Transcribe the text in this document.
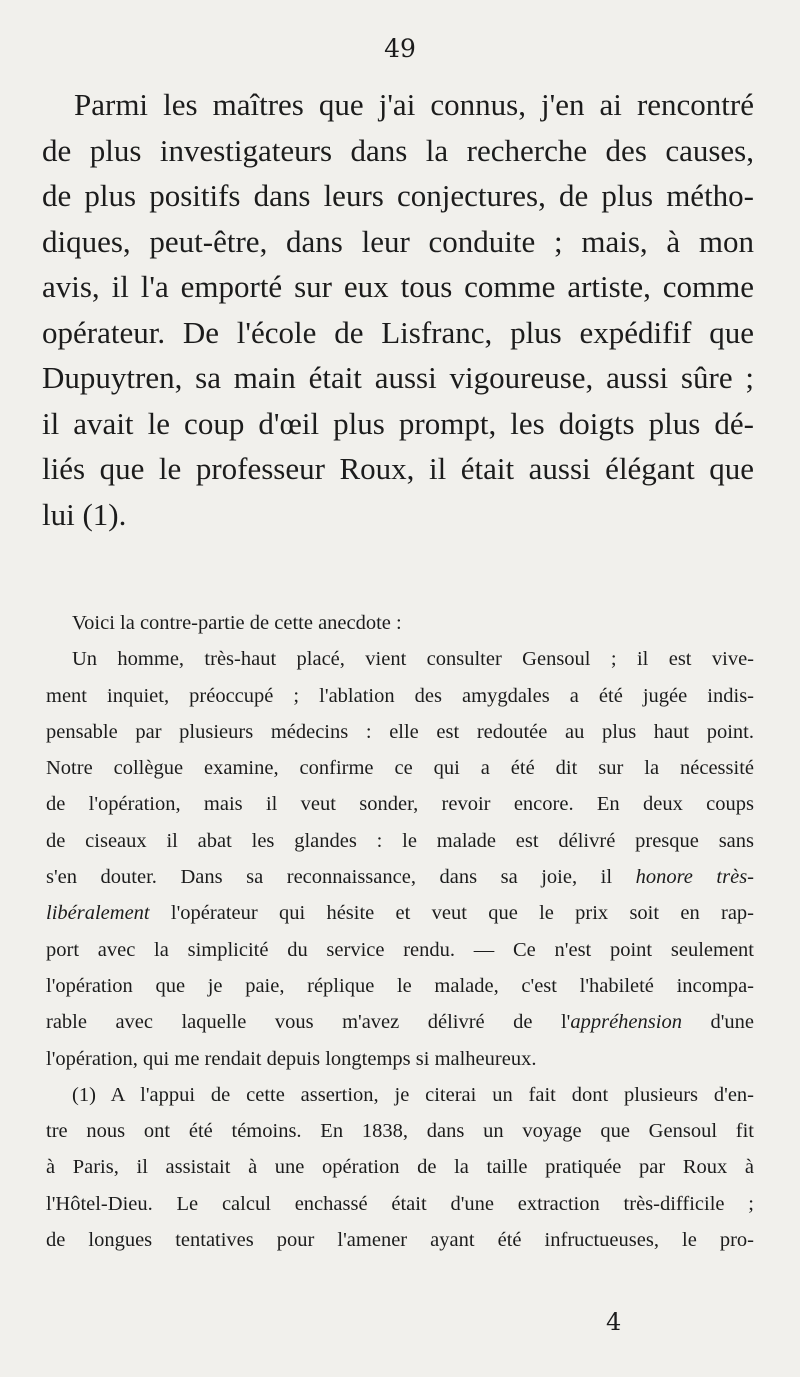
49
Parmi les maîtres que j'ai connus, j'en ai rencontré
de plus investigateurs dans la recherche des causes,
de plus positifs dans leurs conjectures, de plus métho-
diques, peut-être, dans leur conduite ; mais, à mon
avis, il l'a emporté sur eux tous comme artiste, comme
opérateur. De l'école de Lisfranc, plus expédifif que
Dupuytren, sa main était aussi vigoureuse, aussi sûre ;
il avait le coup d'œil plus prompt, les doigts plus dé-
liés que le professeur Roux, il était aussi élégant que
lui (1).
Voici la contre-partie de cette anecdote :
Un homme, très-haut placé, vient consulter Gensoul ; il est vive-
ment inquiet, préoccupé ; l'ablation des amygdales a été jugée indis-
pensable par plusieurs médecins : elle est redoutée au plus haut point.
Notre collègue examine, confirme ce qui a été dit sur la nécessité
de l'opération, mais il veut sonder, revoir encore. En deux coups
de ciseaux il abat les glandes : le malade est délivré presque sans
s'en douter. Dans sa reconnaissance, dans sa joie, il honore très-
libéralement l'opérateur qui hésite et veut que le prix soit en rap-
port avec la simplicité du service rendu. — Ce n'est point seulement
l'opération que je paie, réplique le malade, c'est l'habileté incompa-
rable avec laquelle vous m'avez délivré de l'appréhension d'une
l'opération, qui me rendait depuis longtemps si malheureux.
(1) A l'appui de cette assertion, je citerai un fait dont plusieurs d'en-
tre nous ont été témoins. En 1838, dans un voyage que Gensoul fit
à Paris, il assistait à une opération de la taille pratiquée par Roux à
l'Hôtel-Dieu. Le calcul enchassé était d'une extraction très-difficile ;
de longues tentatives pour l'amener ayant été infructueuses, le pro-
4
